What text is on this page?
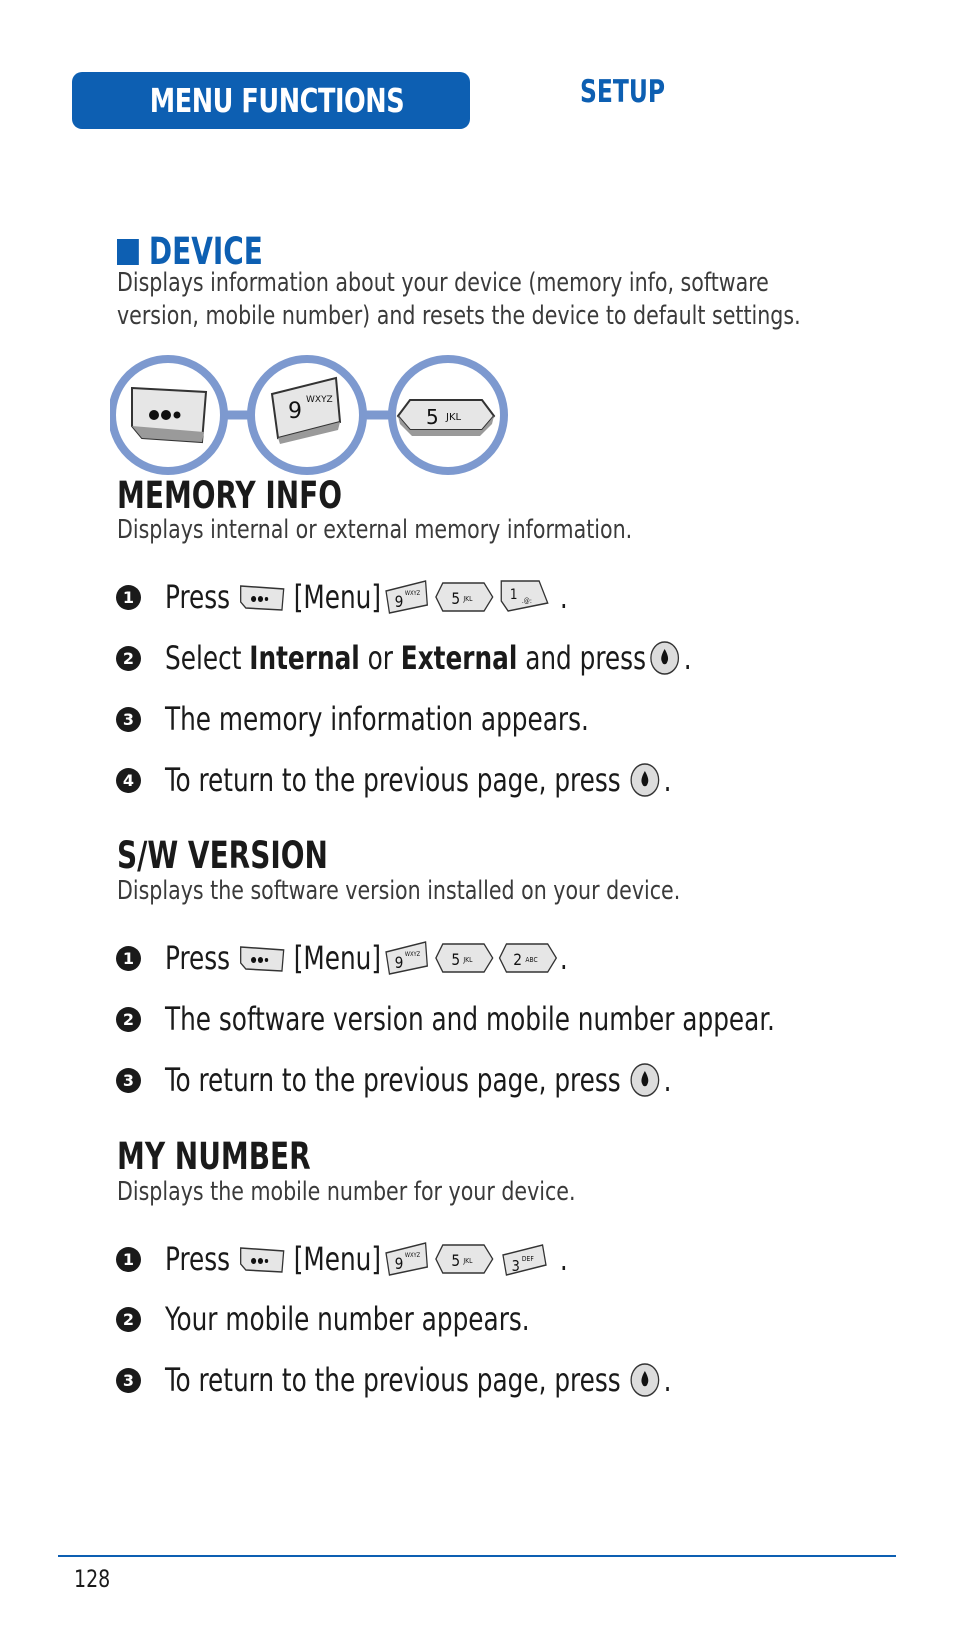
MENU FUNCTIONS	SETUP
DEVICE
Displays information about your device (memory info, software
version, mobile number) and resets the device to default settings.
9 WXYZ
5 JKL
MEMORY INFO
Displays internal or external memory information.
1 Press [Menu] 9 WXYZ 5 JKL	1 .@: .
2 Select
Internal
or
External
and press .
3 The memory information appears.
4 To return to the previous page, press .
S/W VERSION
Displays the software version installed on your device.
1 Press [Menu] 9 WXYZ 5 JKL	2 ABC .
2 The software version and mobile number appear.
3 To return to the previous page, press .
MY NUMBER
Displays the mobile number for your device.
1 Press [Menu] 9 WXYZ 5 JKL	3 DEF .
2 Your mobile number appears.
3 To return to the previous page, press .
128
